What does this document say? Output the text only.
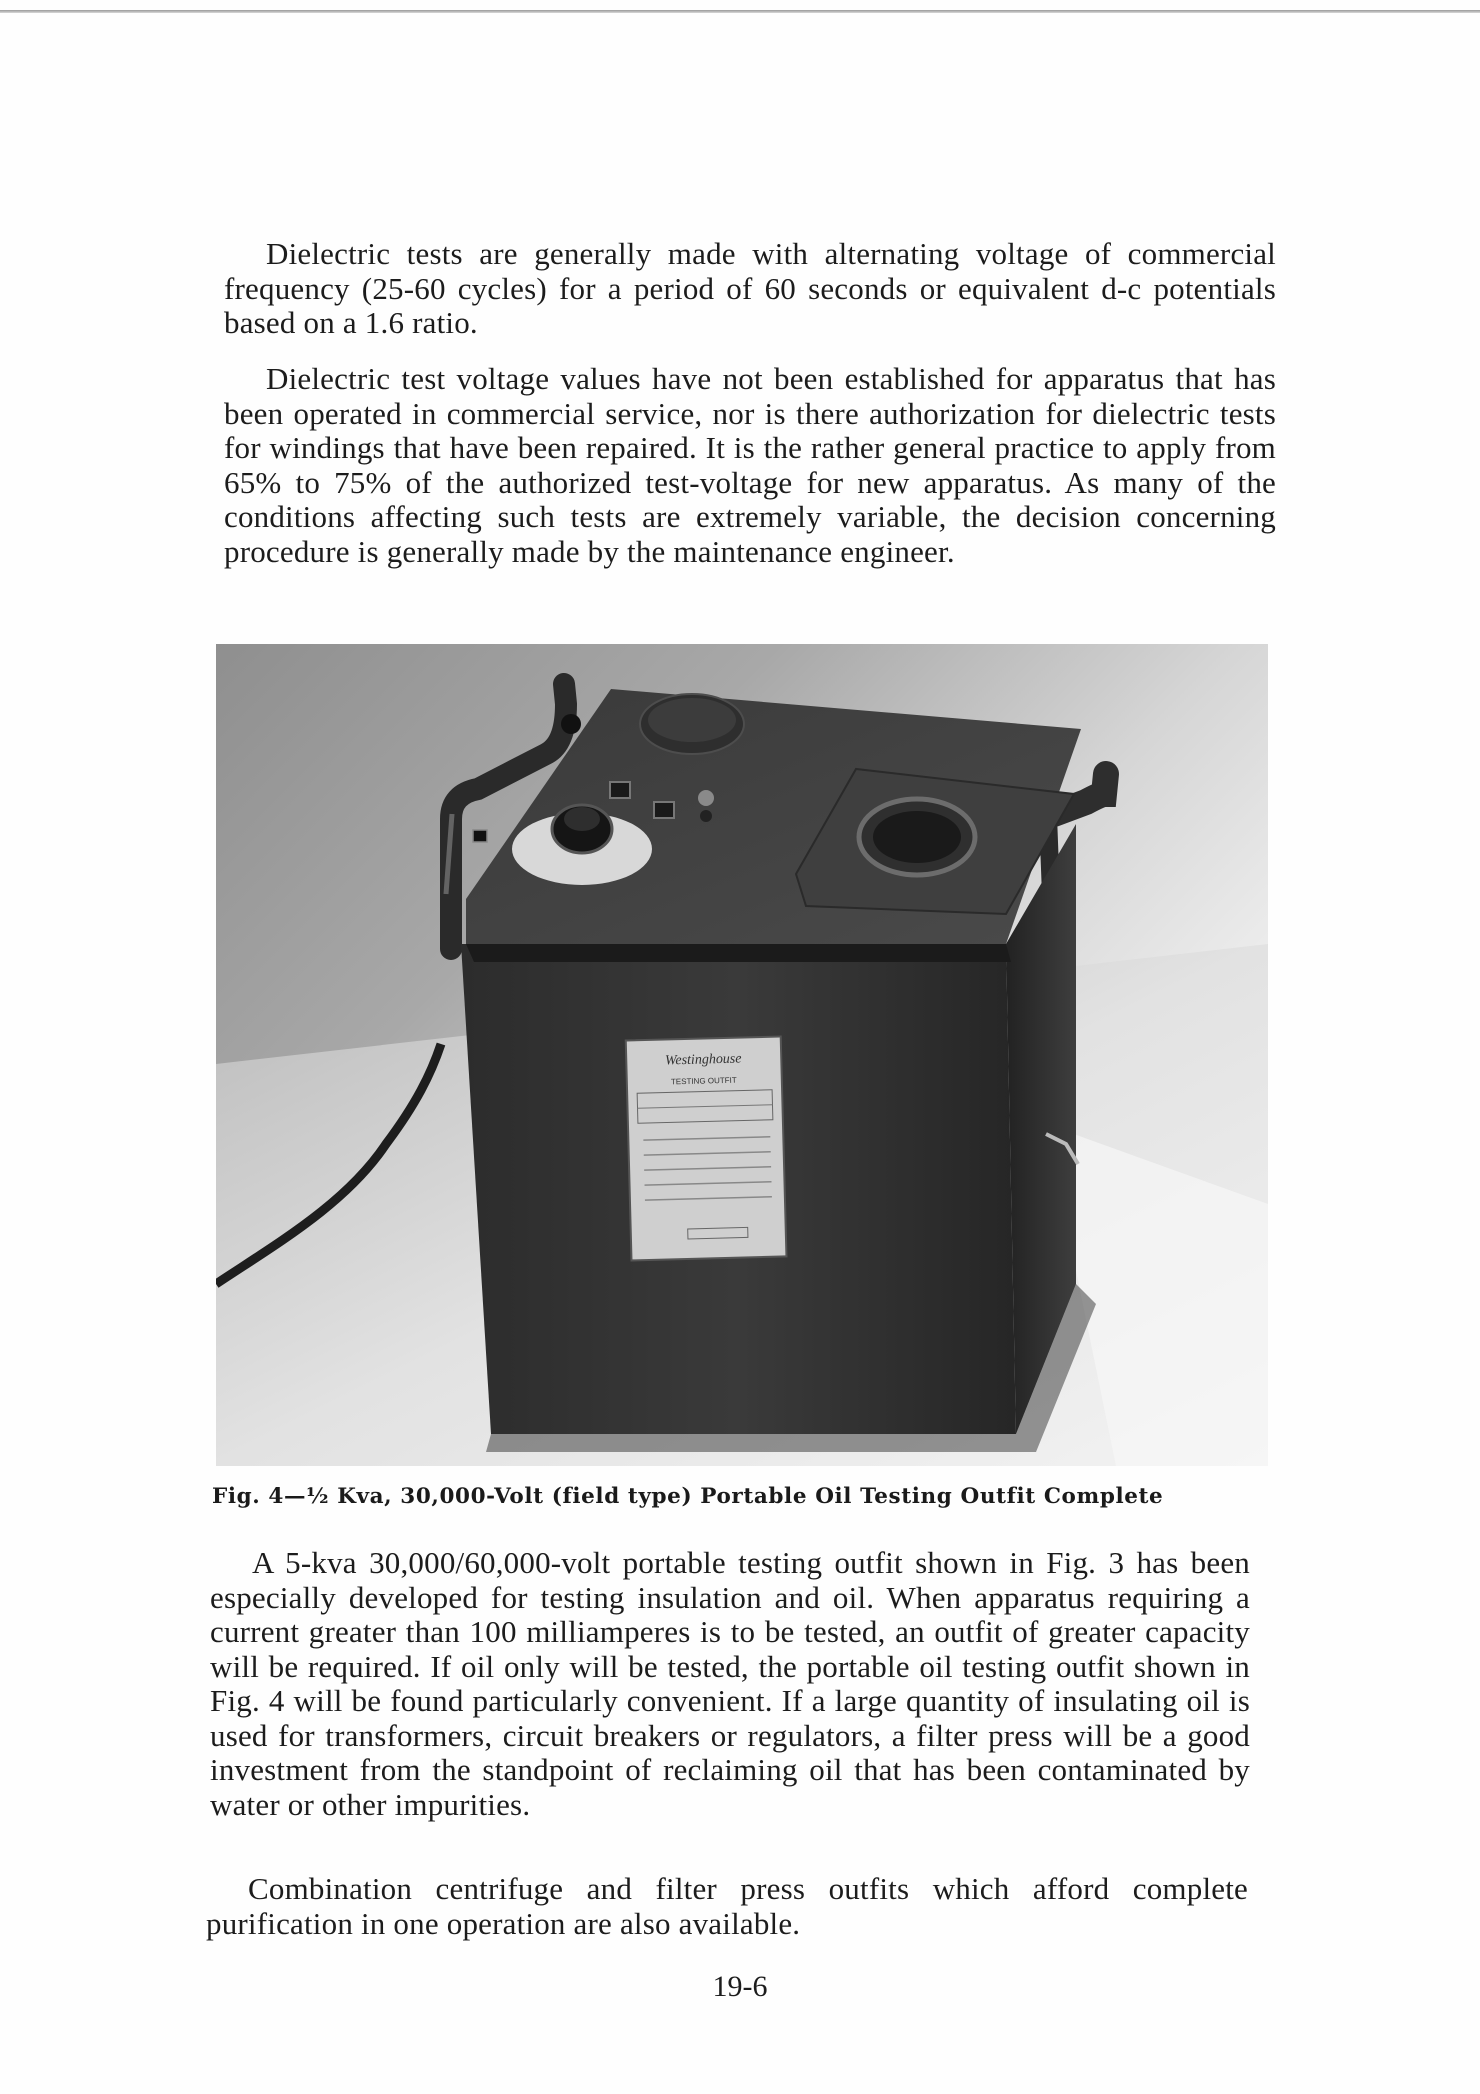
Dielectric tests are generally made with alternating voltage of commercial frequency (25-60 cycles) for a period of 60 seconds or equivalent d-c potentials based on a 1.6 ratio.

Dielectric test voltage values have not been established for apparatus that has been operated in commercial service, nor is there authorization for dielectric tests for windings that have been repaired. It is the rather general practice to apply from 65% to 75% of the authorized test-voltage for new apparatus. As many of the conditions affecting such tests are extremely variable, the decision concerning procedure is generally made by the maintenance engineer.

Westinghouse
TESTING OUTFIT

Fig. 4—½ Kva, 30,000-Volt (field type) Portable Oil Testing Outfit Complete

A 5-kva 30,000/60,000-volt portable testing outfit shown in Fig. 3 has been especially developed for testing insulation and oil. When apparatus requiring a current greater than 100 milliamperes is to be tested, an outfit of greater capacity will be required. If oil only will be tested, the portable oil testing outfit shown in Fig. 4 will be found particularly convenient. If a large quantity of insulating oil is used for transformers, circuit breakers or regulators, a filter press will be a good investment from the standpoint of reclaiming oil that has been contaminated by water or other impurities.

Combination centrifuge and filter press outfits which afford complete purification in one operation are also available.

19-6
